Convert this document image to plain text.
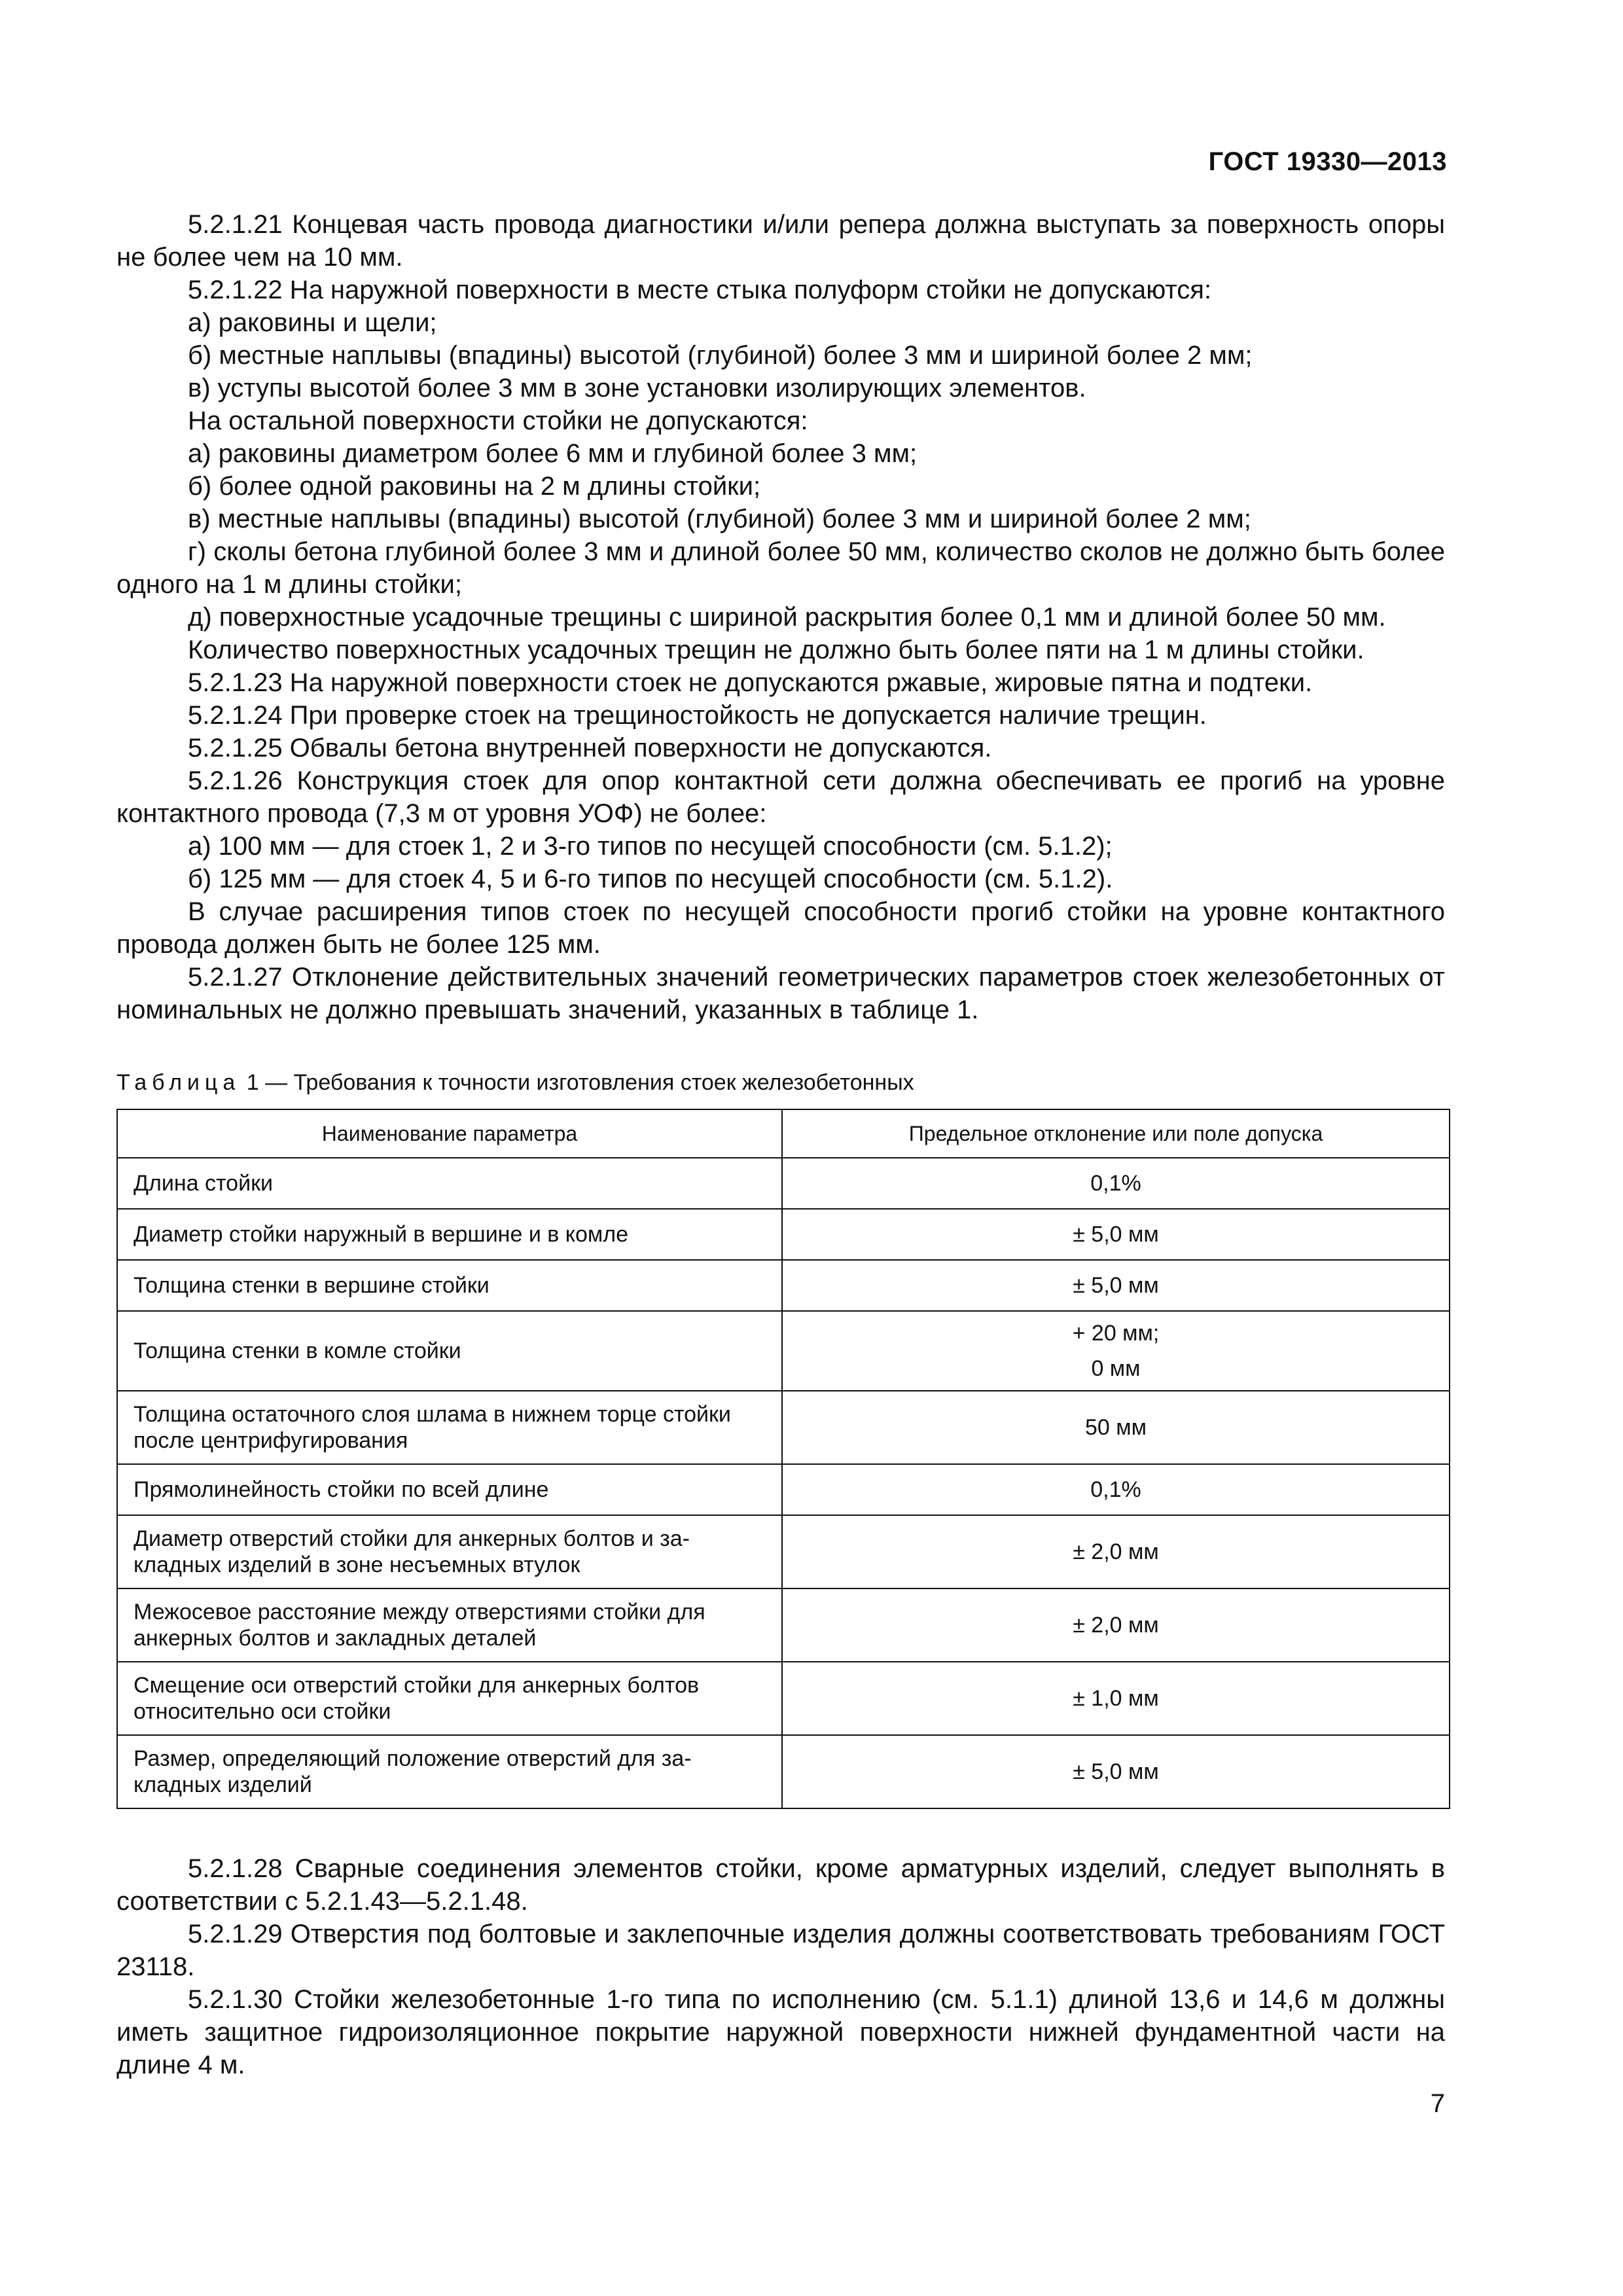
ГОСТ 19330—2013

5.2.1.21 Концевая часть провода диагностики и/или репера должна выступать за поверхность опоры не более чем на 10 мм.

5.2.1.22 На наружной поверхности в месте стыка полуформ стойки не допускаются:

а) раковины и щели;

б) местные наплывы (впадины) высотой (глубиной) более 3 мм и шириной более 2 мм;

в) уступы высотой более 3 мм в зоне установки изолирующих элементов.

На остальной поверхности стойки не допускаются:

а) раковины диаметром более 6 мм и глубиной более 3 мм;

б) более одной раковины на 2 м длины стойки;

в) местные наплывы (впадины) высотой (глубиной) более 3 мм и шириной более 2 мм;

г) сколы бетона глубиной более 3 мм и длиной более 50 мм, количество сколов не должно быть более одного на 1 м длины стойки;

д) поверхностные усадочные трещины с шириной раскрытия более 0,1 мм и длиной более 50 мм.

Количество поверхностных усадочных трещин не должно быть более пяти на 1 м длины стойки.

5.2.1.23 На наружной поверхности стоек не допускаются ржавые, жировые пятна и подтеки.

5.2.1.24 При проверке стоек на трещиностойкость не допускается наличие трещин.

5.2.1.25 Обвалы бетона внутренней поверхности не допускаются.

5.2.1.26 Конструкция стоек для опор контактной сети должна обеспечивать ее прогиб на уровне контактного провода (7,3 м от уровня УОФ) не более:

а) 100 мм — для стоек 1, 2 и 3-го типов по несущей способности (см. 5.1.2);

б) 125 мм — для стоек 4, 5 и 6-го типов по несущей способности (см. 5.1.2).

В случае расширения типов стоек по несущей способности прогиб стойки на уровне контактного провода должен быть не более 125 мм.

5.2.1.27 Отклонение действительных значений геометрических параметров стоек железобетонных от номинальных не должно превышать значений, указанных в таблице 1.

Таблица 1 — Требования к точности изготовления стоек железобетонных
Наименование параметра	Предельное отклонение или поле допуска
Длина стойки	0,1%

Диаметр стойки наружный в вершине и в комле	± 5,0 мм

Толщина стенки в вершине стойки	± 5,0 мм

Толщина стенки в комле стойки	+ 20 мм;
0 мм

Толщина остаточного слоя шлама в нижнем торце стойки после центрифугирования	50 мм

Прямолинейность стойки по всей длине	0,1%

Диаметр отверстий стойки для анкерных болтов и закладных изделий в зоне несъемных втулок	± 2,0 мм

Межосевое расстояние между отверстиями стойки для анкерных болтов и закладных деталей	± 2,0 мм

Смещение оси отверстий стойки для анкерных болтов относительно оси стойки	± 1,0 мм

Размер, определяющий положение отверстий для закладных изделий	± 5,0 мм

5.2.1.28 Сварные соединения элементов стойки, кроме арматурных изделий, следует выполнять в соответствии с 5.2.1.43—5.2.1.48.

5.2.1.29 Отверстия под болтовые и заклепочные изделия должны соответствовать требованиям ГОСТ 23118.

5.2.1.30 Стойки железобетонные 1-го типа по исполнению (см. 5.1.1) длиной 13,6 и 14,6 м должны иметь защитное гидроизоляционное покрытие наружной поверхности нижней фундаментной части на длине 4 м.

7
